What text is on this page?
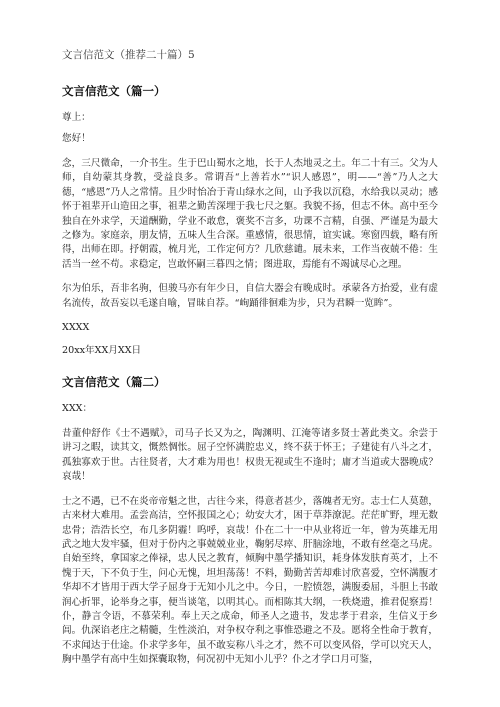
文言信范文（推荐二十篇）5
文言信范文（篇一）
尊上：
您好！

念，三尺微命，一介书生。生于巴山蜀水之地，长于人杰地灵之土。年二十有三。父为人师，自幼蒙其身教，受益良多。常谓吾“上善若水”“识人感恩”，明——“善”乃人之大德，“感恩”乃人之常情。且少时怡冶于青山绿水之间，山予我以沉稳，水给我以灵动；感怀于祖辈开山造田之事，祖辈之勤苦深埋于我七尺之躯。我貌不扬，但志不休。高中至今独自在外求学，天道酬勤，学业不敢怠，褒奖不言多，功课不言精，自强、严谨是为最大之修为。家庭亲，朋友情，五味人生合深。重感情，很思情，谊实诚。寒窗四载，略有所得，出师在即。抒朝霞，梳月光，工作定何方？几欣慈谴。展未来，工作当夜兢不倦：生活当一丝不苟。求稳定，岂敢怀嗣三暮四之情；图进取，焉能有不竭诚尽心之理。

尔为伯乐，吾非名驹，但骏马亦有年少日，自信大器会有晚成时。承蒙各方抬爱，业有虚名流传，故吾妄以毛遂自喻，冒昧自荐。“峋踊徘徊难为步，只为君瞬一览眸”。

XXXX
20xx年XX月XX日
文言信范文（篇二）
XXX：

昔董仲舒作《士不遇赋》，司马子长又为之，陶渊明、江淹等诸多贤士著此类文。余尝于讲习之暇，读其文，慨然惆怅。屈子空怀满腔忠义，终不获于怀王；子建徒有八斗之才，孤独寡欢于世。古往贤者，大才难为用也！权贵无视或生不逢时；庸才当道或大器晚成？哀哉！

士之不遇，已不在炎帝帝魁之世，古往今来，得意者甚少，落魄者无穷。志士仁人莫憩，古来材大难用。孟尝高洁，空怀报国之心；幼安大才，困于草莽潦泥。茫茫旷野，埋无数忠骨；浩浩长空，布几多阴霾！呜呼，哀哉！仆在二十一中从业将近一年，曾为英雄无用武之地大发牢骚，但对于份内之事兢兢业业，鞠躬尽瘁、肝脑涂地，不敢有丝毫之马虎。自始至终，拿国家之俸禄，忠人民之教育，倾胸中墨学播知识，耗身体发肤育英才，上不愧于天，下不负于生，问心无愧，坦坦荡荡！不料，勤勤苦苦却难讨欣喜爱，空怀满腹才华却不才皆用于西大学子屈身于无知小儿之中。今日，一腔愤怨，满腹委屈，斗胆上书敢润心折罪，论举身之事，便当谈笔，以明其心。而相陈其大纲，一秩烧遗，推君促察焉！仆，静言令语，不慕荣利。奉上天之成命，师圣人之遗书，发忠孝于君亲，生信义于乡闾。仇深谄老庄之精髓，生性淡泊，对争权夺利之事惟恐避之不及。愿将全性命于教育，不求闻达于仕途。仆求学多年，虽不敢妄称八斗之才，然不可以变风俗，学可以究天人，胸中墨学有高中生如探囊取物，何况初中无知小儿乎？仆之才学口月可鉴，
